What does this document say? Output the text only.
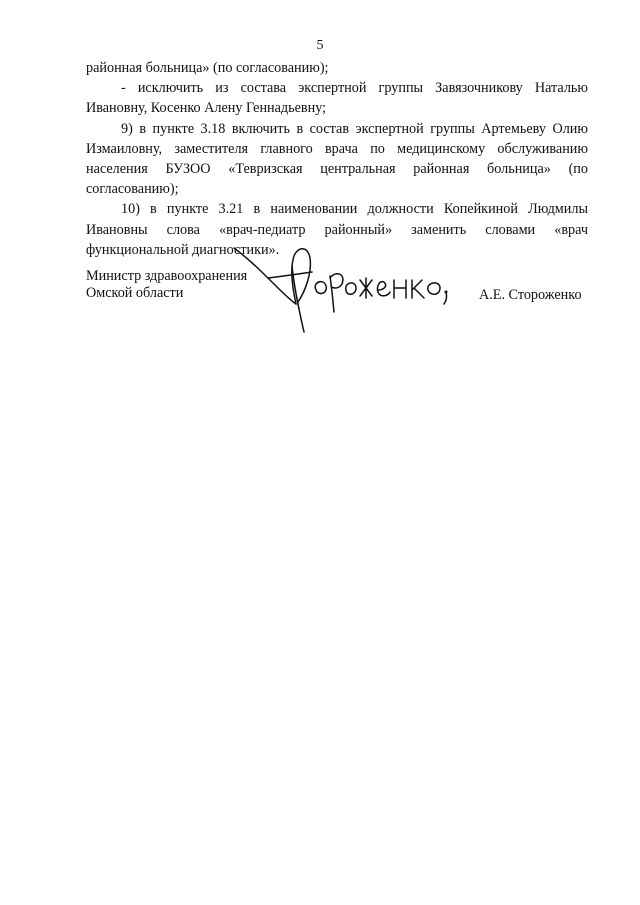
5

районная больница» (по согласованию);

- исключить из состава экспертной группы Завязочникову Наталью Ивановну, Косенко Алену Геннадьевну;

9) в пункте 3.18 включить в состав экспертной группы Артемьеву Олию Измаиловну, заместителя главного врача по медицинскому обслуживанию населения БУЗОО «Тевризская центральная районная больница» (по согласованию);

10) в пункте 3.21 в наименовании должности Копейкиной Людмилы Ивановны слова «врач-педиатр районный» заменить словами «врач функциональной диагностики».

Министр здравоохранения
Омской области	А.Е. Стороженко
